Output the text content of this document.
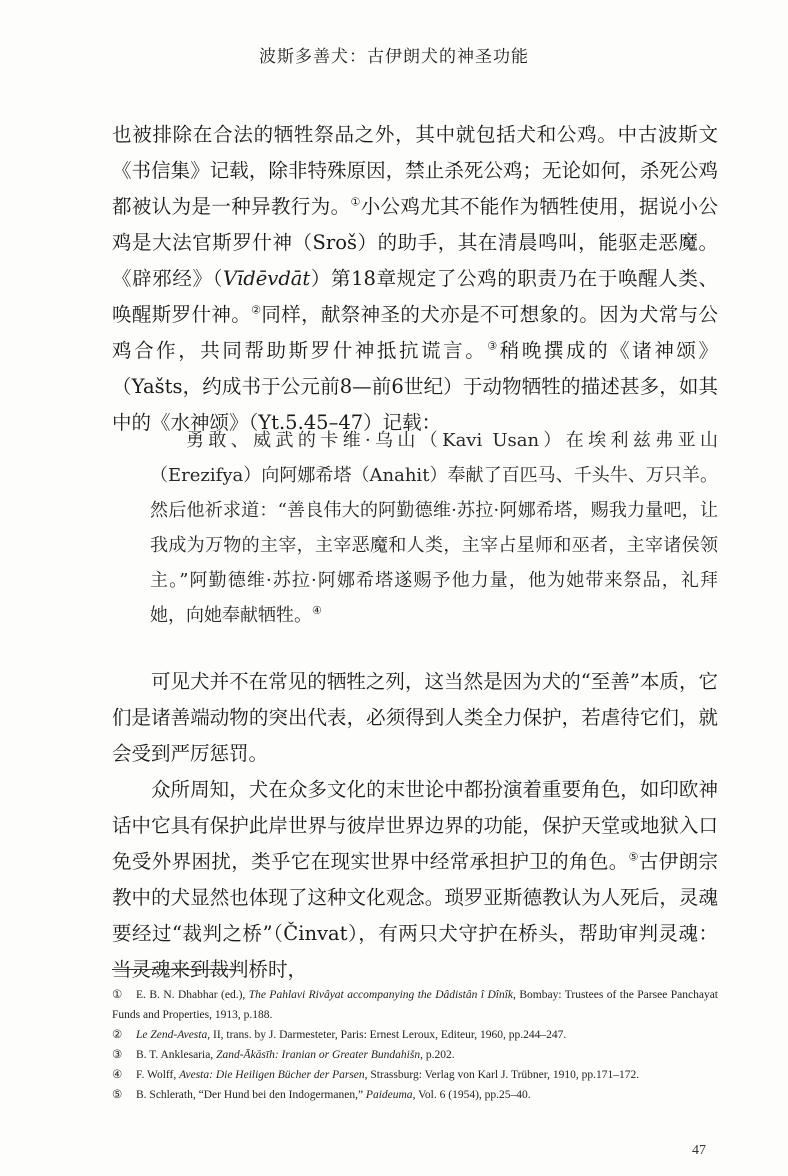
波斯多善犬：古伊朗犬的神圣功能

也被排除在合法的牺牲祭品之外，其中就包括犬和公鸡。中古波斯文《书信集》记载，除非特殊原因，禁止杀死公鸡；无论如何，杀死公鸡都被认为是一种异教行为。①小公鸡尤其不能作为牺牲使用，据说小公鸡是大法官斯罗什神（Sroš）的助手，其在清晨鸣叫，能驱走恶魔。《辟邪经》（Vīdēvdāt）第18章规定了公鸡的职责乃在于唤醒人类、唤醒斯罗什神。②同样，献祭神圣的犬亦是不可想象的。因为犬常与公鸡合作，共同帮助斯罗什神抵抗谎言。③稍晚撰成的《诸神颂》（Yašts，约成书于公元前8—前6世纪）于动物牺牲的描述甚多，如其中的《水神颂》（Yt.5.45–47）记载：

勇敢、威武的卡维·乌山（Kavi Usan）在埃利兹弗亚山（Erezifya）向阿娜希塔（Anahit）奉献了百匹马、千头牛、万只羊。然后他祈求道：“善良伟大的阿勤德维·苏拉·阿娜希塔，赐我力量吧，让我成为万物的主宰，主宰恶魔和人类，主宰占星师和巫者，主宰诸侯领主。”阿勤德维·苏拉·阿娜希塔遂赐予他力量，他为她带来祭品，礼拜她，向她奉献牺牲。④

可见犬并不在常见的牺牲之列，这当然是因为犬的“至善”本质，它们是诸善端动物的突出代表，必须得到人类全力保护，若虐待它们，就会受到严厉惩罚。

众所周知，犬在众多文化的末世论中都扮演着重要角色，如印欧神话中它具有保护此岸世界与彼岸世界边界的功能，保护天堂或地狱入口免受外界困扰，类乎它在现实世界中经常承担护卫的角色。⑤古伊朗宗教中的犬显然也体现了这种文化观念。琐罗亚斯德教认为人死后，灵魂要经过“裁判之桥”（Činvat），有两只犬守护在桥头，帮助审判灵魂：当灵魂来到裁判桥时，

① E. B. N. Dhabhar (ed.), The Pahlavi Rivâyat accompanying the Dâdistân î Dînîk, Bombay: Trustees of the Parsee Panchayat Funds and Properties, 1913, p.188.

② Le Zend-Avesta, II, trans. by J. Darmesteter, Paris: Ernest Leroux, Editeur, 1960, pp.244–247.

③ B. T. Anklesaria, Zand-Ākāsīh: Iranian or Greater Bundahišn, p.202.

④ F. Wolff, Avesta: Die Heiligen Bücher der Parsen, Strassburg: Verlag von Karl J. Trübner, 1910, pp.171–172.

⑤ B. Schlerath, “Der Hund bei den Indogermanen,” Paideuma, Vol. 6 (1954), pp.25–40.

47
